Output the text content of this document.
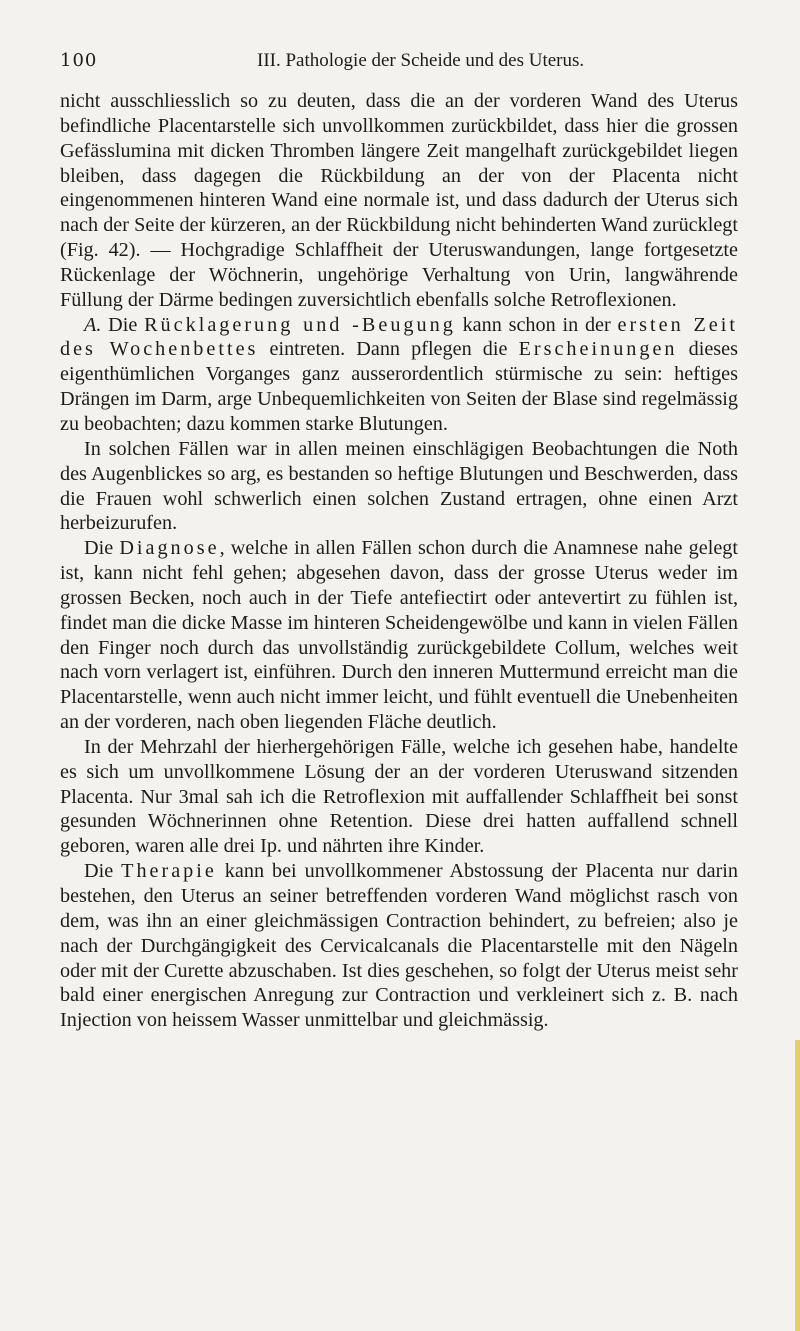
100	III. Pathologie der Scheide und des Uterus.

nicht ausschliesslich so zu deuten, dass die an der vorderen Wand des Uterus befindliche Placentarstelle sich unvollkommen zurückbildet, dass hier die grossen Gefässlumina mit dicken Thromben längere Zeit mangelhaft zurückgebildet liegen bleiben, dass dagegen die Rückbildung an der von der Placenta nicht eingenommenen hinteren Wand eine normale ist, und dass dadurch der Uterus sich nach der Seite der kürzeren, an der Rückbildung nicht behinderten Wand zurücklegt (Fig. 42). — Hochgradige Schlaffheit der Uteruswandungen, lange fortgesetzte Rückenlage der Wöchnerin, ungehörige Verhaltung von Urin, langwährende Füllung der Därme bedingen zuversichtlich ebenfalls solche Retroflexionen.

A. Die Rücklagerung und -Beugung kann schon in der ersten Zeit des Wochenbettes eintreten. Dann pflegen die Erscheinungen dieses eigenthümlichen Vorganges ganz ausserordentlich stürmische zu sein: heftiges Drängen im Darm, arge Unbequemlichkeiten von Seiten der Blase sind regelmässig zu beobachten; dazu kommen starke Blutungen.

In solchen Fällen war in allen meinen einschlägigen Beobachtungen die Noth des Augenblickes so arg, es bestanden so heftige Blutungen und Beschwerden, dass die Frauen wohl schwerlich einen solchen Zustand ertragen, ohne einen Arzt herbeizurufen.

Die Diagnose, welche in allen Fällen schon durch die Anamnese nahe gelegt ist, kann nicht fehl gehen; abgesehen davon, dass der grosse Uterus weder im grossen Becken, noch auch in der Tiefe antefiectirt oder antevertirt zu fühlen ist, findet man die dicke Masse im hinteren Scheidengewölbe und kann in vielen Fällen den Finger noch durch das unvollständig zurückgebildete Collum, welches weit nach vorn verlagert ist, einführen. Durch den inneren Muttermund erreicht man die Placentarstelle, wenn auch nicht immer leicht, und fühlt eventuell die Unebenheiten an der vorderen, nach oben liegenden Fläche deutlich.

In der Mehrzahl der hierhergehörigen Fälle, welche ich gesehen habe, handelte es sich um unvollkommene Lösung der an der vorderen Uteruswand sitzenden Placenta. Nur 3mal sah ich die Retroflexion mit auffallender Schlaffheit bei sonst gesunden Wöchnerinnen ohne Retention. Diese drei hatten auffallend schnell geboren, waren alle drei Ip. und nährten ihre Kinder.

Die Therapie kann bei unvollkommener Abstossung der Placenta nur darin bestehen, den Uterus an seiner betreffenden vorderen Wand möglichst rasch von dem, was ihn an einer gleichmässigen Contraction behindert, zu befreien; also je nach der Durchgängigkeit des Cervicalcanals die Placentarstelle mit den Nägeln oder mit der Curette abzuschaben. Ist dies geschehen, so folgt der Uterus meist sehr bald einer energischen Anregung zur Contraction und verkleinert sich z. B. nach Injection von heissem Wasser unmittelbar und gleichmässig.
